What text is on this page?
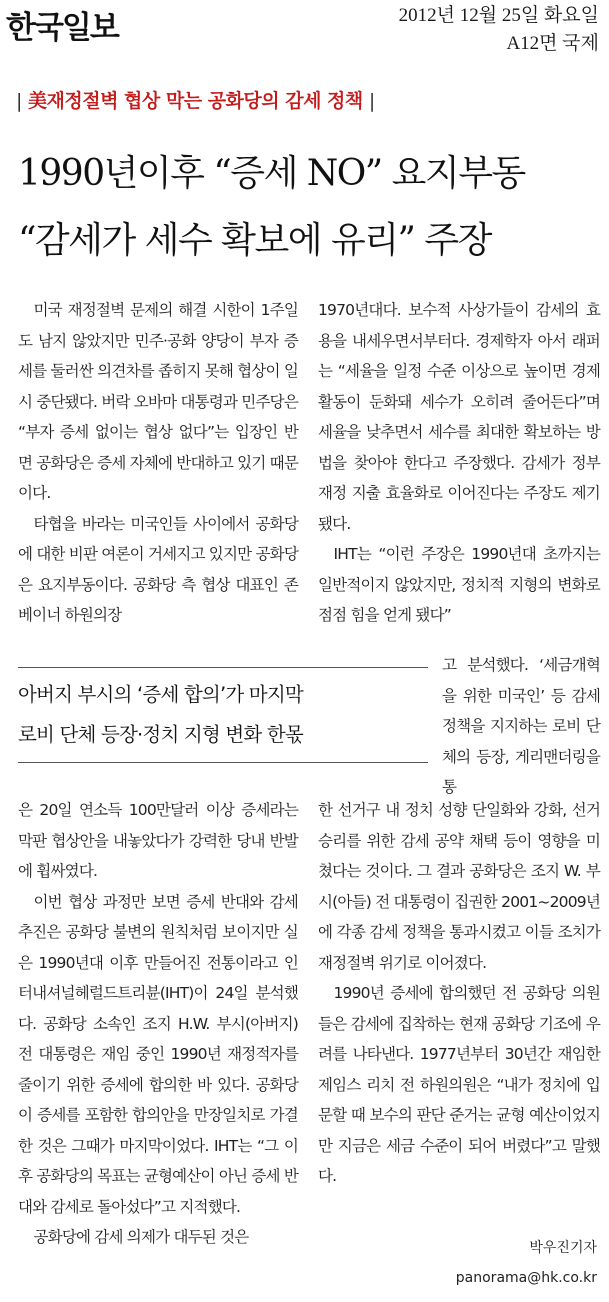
한국일보	2012년 12월 25일 화요일
A12면 국제
| 美재정절벽 협상 막는 공화당의 감세 정책 |
1990년이후 “증세 NO” 요지부동
“감세가 세수 확보에 유리” 주장

미국 재정절벽 문제의 해결 시한이 1주일도 남지 않았지만 민주·공화 양당이 부자 증세를 둘러싼 의견차를 좁히지 못해 협상이 일시 중단됐다. 버락 오바마 대통령과 민주당은 “부자 증세 없이는 협상 없다”는 입장인 반면 공화당은 증세 자체에 반대하고 있기 때문이다.

타협을 바라는 미국인들 사이에서 공화당에 대한 비판 여론이 거세지고 있지만 공화당은 요지부동이다. 공화당 측 협상 대표인 존 베이너 하원의장

아버지 부시의 ‘증세 합의’가 마지막
로비 단체 등장·정치 지형 변화 한몫

은 20일 연소득 100만달러 이상 증세라는 막판 협상안을 내놓았다가 강력한 당내 반발에 휩싸였다.

이번 협상 과정만 보면 증세 반대와 감세 추진은 공화당 불변의 원칙처럼 보이지만 실은 1990년대 이후 만들어진 전통이라고 인터내셔널헤럴드트리뷴(IHT)이 24일 분석했다. 공화당 소속인 조지 H.W. 부시(아버지) 전 대통령은 재임 중인 1990년 재정적자를 줄이기 위한 증세에 합의한 바 있다. 공화당이 증세를 포함한 합의안을 만장일치로 가결한 것은 그때가 마지막이었다. IHT는 “그 이후 공화당의 목표는 균형예산이 아닌 증세 반대와 감세로 돌아섰다”고 지적했다.

공화당에 감세 의제가 대두된 것은

1970년대다. 보수적 사상가들이 감세의 효용을 내세우면서부터다. 경제학자 아서 래퍼는 “세율을 일정 수준 이상으로 높이면 경제 활동이 둔화돼 세수가 오히려 줄어든다”며 세율을 낮추면서 세수를 최대한 확보하는 방법을 찾아야 한다고 주장했다. 감세가 정부 재정 지출 효율화로 이어진다는 주장도 제기됐다.

IHT는 “이런 주장은 1990년대 초까지는 일반적이지 않았지만, 정치적 지형의 변화로 점점 힘을 얻게 됐다”

고 분석했다. ‘세금개혁을 위한 미국인’ 등 감세 정책을 지지하는 로비 단체의 등장, 게리맨더링을 통

한 선거구 내 정치 성향 단일화와 강화, 선거 승리를 위한 감세 공약 채택 등이 영향을 미쳤다는 것이다. 그 결과 공화당은 조지 W. 부시(아들) 전 대통령이 집권한 2001~2009년에 각종 감세 정책을 통과시켰고 이들 조치가 재정절벽 위기로 이어졌다.

1990년 증세에 합의했던 전 공화당 의원들은 감세에 집착하는 현재 공화당 기조에 우려를 나타낸다. 1977년부터 30년간 재임한 제임스 리치 전 하원의원은 “내가 정치에 입문할 때 보수의 판단 준거는 균형 예산이었지만 지금은 세금 수준이 되어 버렸다”고 말했다.

박우진기자
panorama@hk.co.kr
